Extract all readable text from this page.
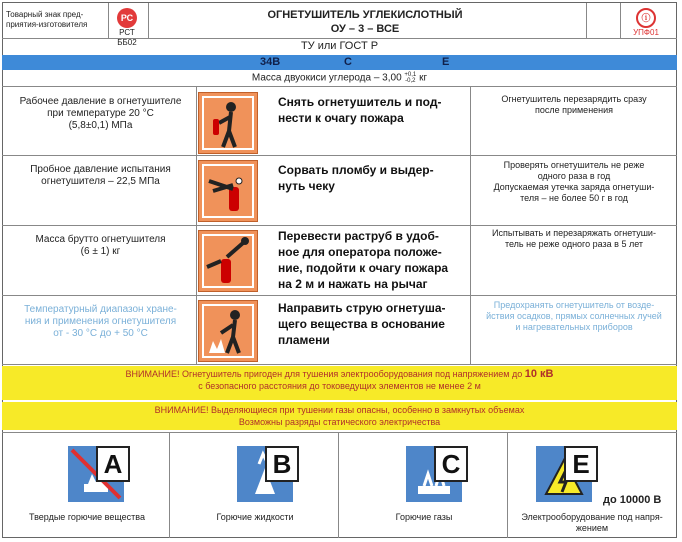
Товарный знак пред-
приятия-изготовителя
РС
РСТ ББ02
ОГНЕТУШИТЕЛЬ УГЛЕКИСЛОТНЫЙ
ОУ – 3 – ВСЕ
ⓘ
УПФ01
ТУ или ГОСТ Р
34В	С	Е
Масса двуокиси углерода – 3,00 +0,1
-0,2 кг
Рабочее давление в огнетушителе
при температуре 20 °С
(5,8±0,1) МПа
Снять огнетушитель и под-
нести к очагу пожара
Огнетушитель перезарядить сразу
после применения
Пробное давление испытания
огнетушителя – 22,5 МПа
Сорвать пломбу и выдер-
нуть чеку
Проверять огнетушитель не реже
одного раза в год
Допускаемая утечка заряда огнетуши-
теля – не более 50 г в год
Масса брутто огнетушителя
(6 ± 1) кг
Перевести раструб в удоб-
ное для оператора положе-
ние, подойти к очагу пожара
на 2 м и нажать на рычаг
Испытывать и перезаряжать огнетуши-
тель не реже одного раза в 5 лет
Температурный диапазон хране-
ния и применения огнетушителя
от - 30 °С до + 50 °С
Направить струю огнетуша-
щего вещества в основание
пламени
Предохранять огнетушитель от возде-
йствия осадков, прямых солнечных лучей
и нагревательных приборов
ВНИМАНИЕ! Огнетушитель пригоден для тушения электрооборудования под напряжением до 10 кВ
с безопасного расстояния до токоведущих элементов не менее 2 м
ВНИМАНИЕ! Выделяющиеся при тушении газы опасны, особенно в замкнутых объемах
Возможны разряды статического электричества
А
Твердые горючие вещества
В
Горючие жидкости
С
Горючие газы
Е
до 10000 В
Электрооборудование под напря-
жением
